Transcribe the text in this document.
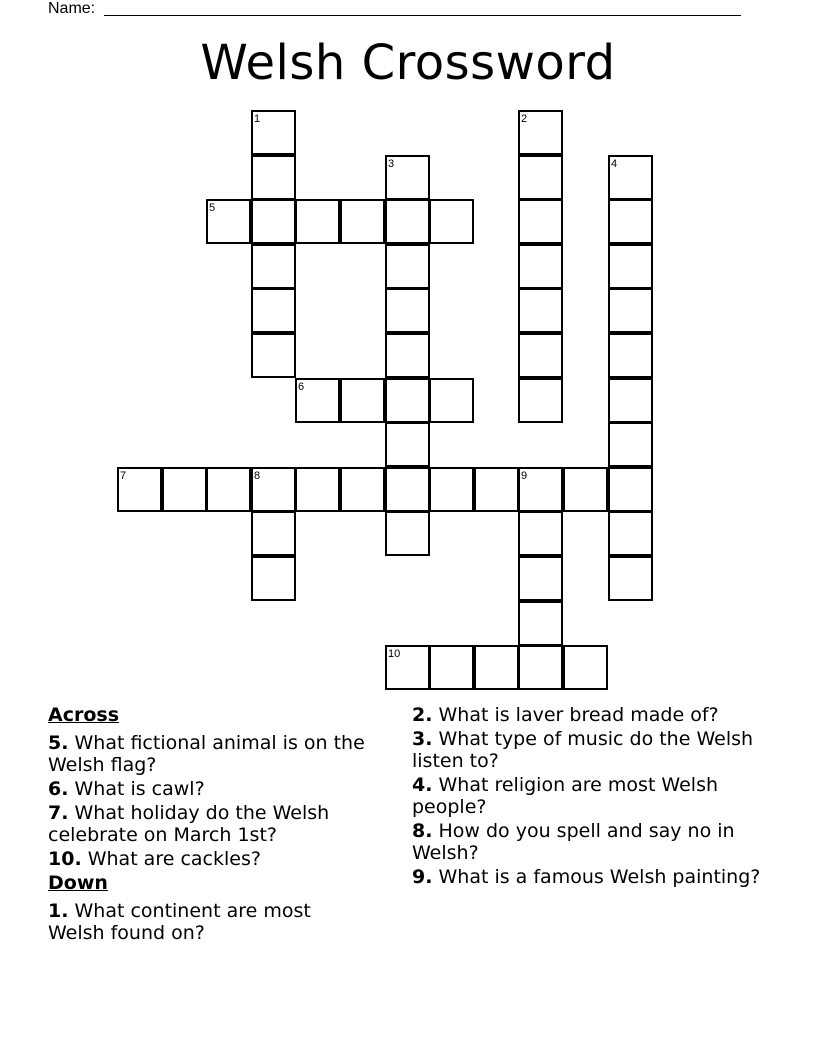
Name:
Welsh Crossword
1	2
3	4
5
6
7	8	9
10
Across
5. What fictional animal is on the Welsh flag?
6. What is cawl?
7. What holiday do the Welsh celebrate on March 1st?
10. What are cackles?
Down
1. What continent are most Welsh found on?
2. What is laver bread made of?
3. What type of music do the Welsh listen to?
4. What religion are most Welsh people?
8. How do you spell and say no in Welsh?
9. What is a famous Welsh painting?
